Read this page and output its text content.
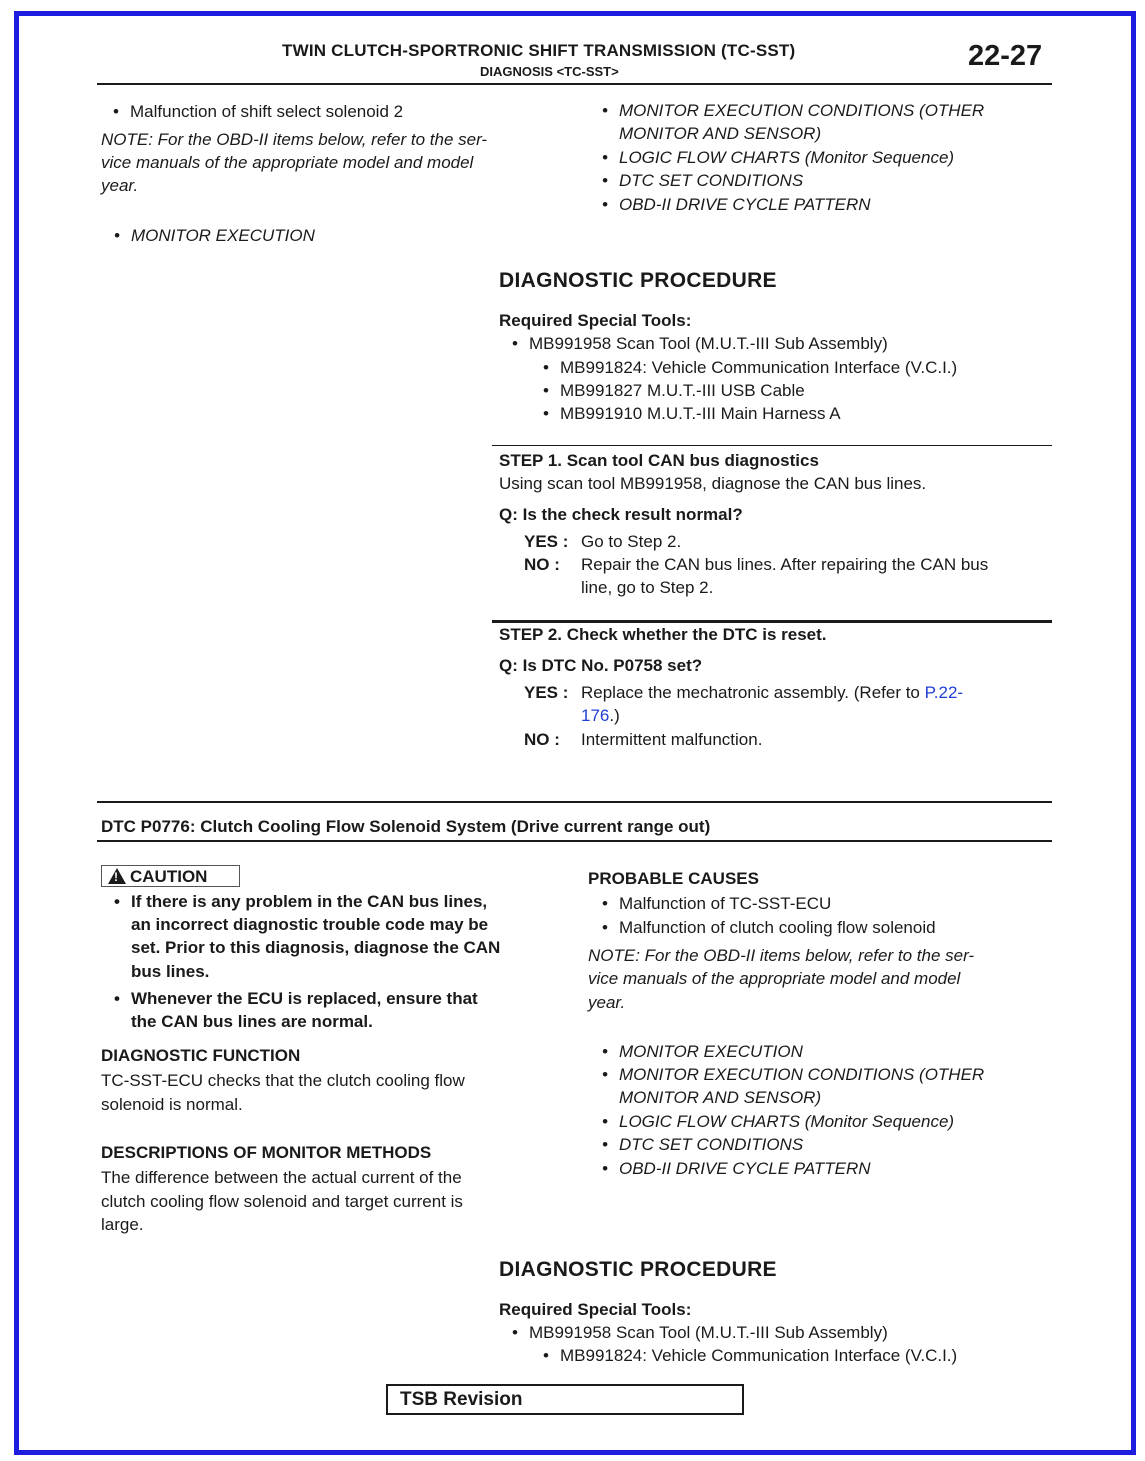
TWIN CLUTCH-SPORTRONIC SHIFT TRANSMISSION (TC-SST)
DIAGNOSIS <TC-SST>	22-27
• Malfunction of shift select solenoid 2
NOTE: For the OBD-II items below, refer to the ser-
vice manuals of the appropriate model and model
year.
• MONITOR EXECUTION
• MONITOR EXECUTION CONDITIONS (OTHER
MONITOR AND SENSOR)
• LOGIC FLOW CHARTS (Monitor Sequence)
• DTC SET CONDITIONS
• OBD-II DRIVE CYCLE PATTERN
DIAGNOSTIC PROCEDURE
Required Special Tools:
• MB991958 Scan Tool (M.U.T.-III Sub Assembly)
• MB991824: Vehicle Communication Interface (V.C.I.)
• MB991827 M.U.T.-III USB Cable
• MB991910 M.U.T.-III Main Harness A
STEP 1. Scan tool CAN bus diagnostics
Using scan tool MB991958, diagnose the CAN bus lines.
Q: Is the check result normal?
YES : Go to Step 2.
NO : Repair the CAN bus lines. After repairing the CAN bus
line, go to Step 2.
STEP 2. Check whether the DTC is reset.
Q: Is DTC No. P0758 set?
YES : Replace the mechatronic assembly. (Refer to P.22-
176.)
NO : Intermittent malfunction.
DTC P0776: Clutch Cooling Flow Solenoid System (Drive current range out)
!CAUTION
• If there is any problem in the CAN bus lines,
an incorrect diagnostic trouble code may be
set. Prior to this diagnosis, diagnose the CAN
bus lines.
• Whenever the ECU is replaced, ensure that
the CAN bus lines are normal.
DIAGNOSTIC FUNCTION
TC-SST-ECU checks that the clutch cooling flow
solenoid is normal.
DESCRIPTIONS OF MONITOR METHODS
The difference between the actual current of the
clutch cooling flow solenoid and target current is
large.
PROBABLE CAUSES
• Malfunction of TC-SST-ECU
• Malfunction of clutch cooling flow solenoid
NOTE: For the OBD-II items below, refer to the ser-
vice manuals of the appropriate model and model
year.
• MONITOR EXECUTION
• MONITOR EXECUTION CONDITIONS (OTHER
MONITOR AND SENSOR)
• LOGIC FLOW CHARTS (Monitor Sequence)
• DTC SET CONDITIONS
• OBD-II DRIVE CYCLE PATTERN
DIAGNOSTIC PROCEDURE
Required Special Tools:
• MB991958 Scan Tool (M.U.T.-III Sub Assembly)
• MB991824: Vehicle Communication Interface (V.C.I.)
TSB Revision
